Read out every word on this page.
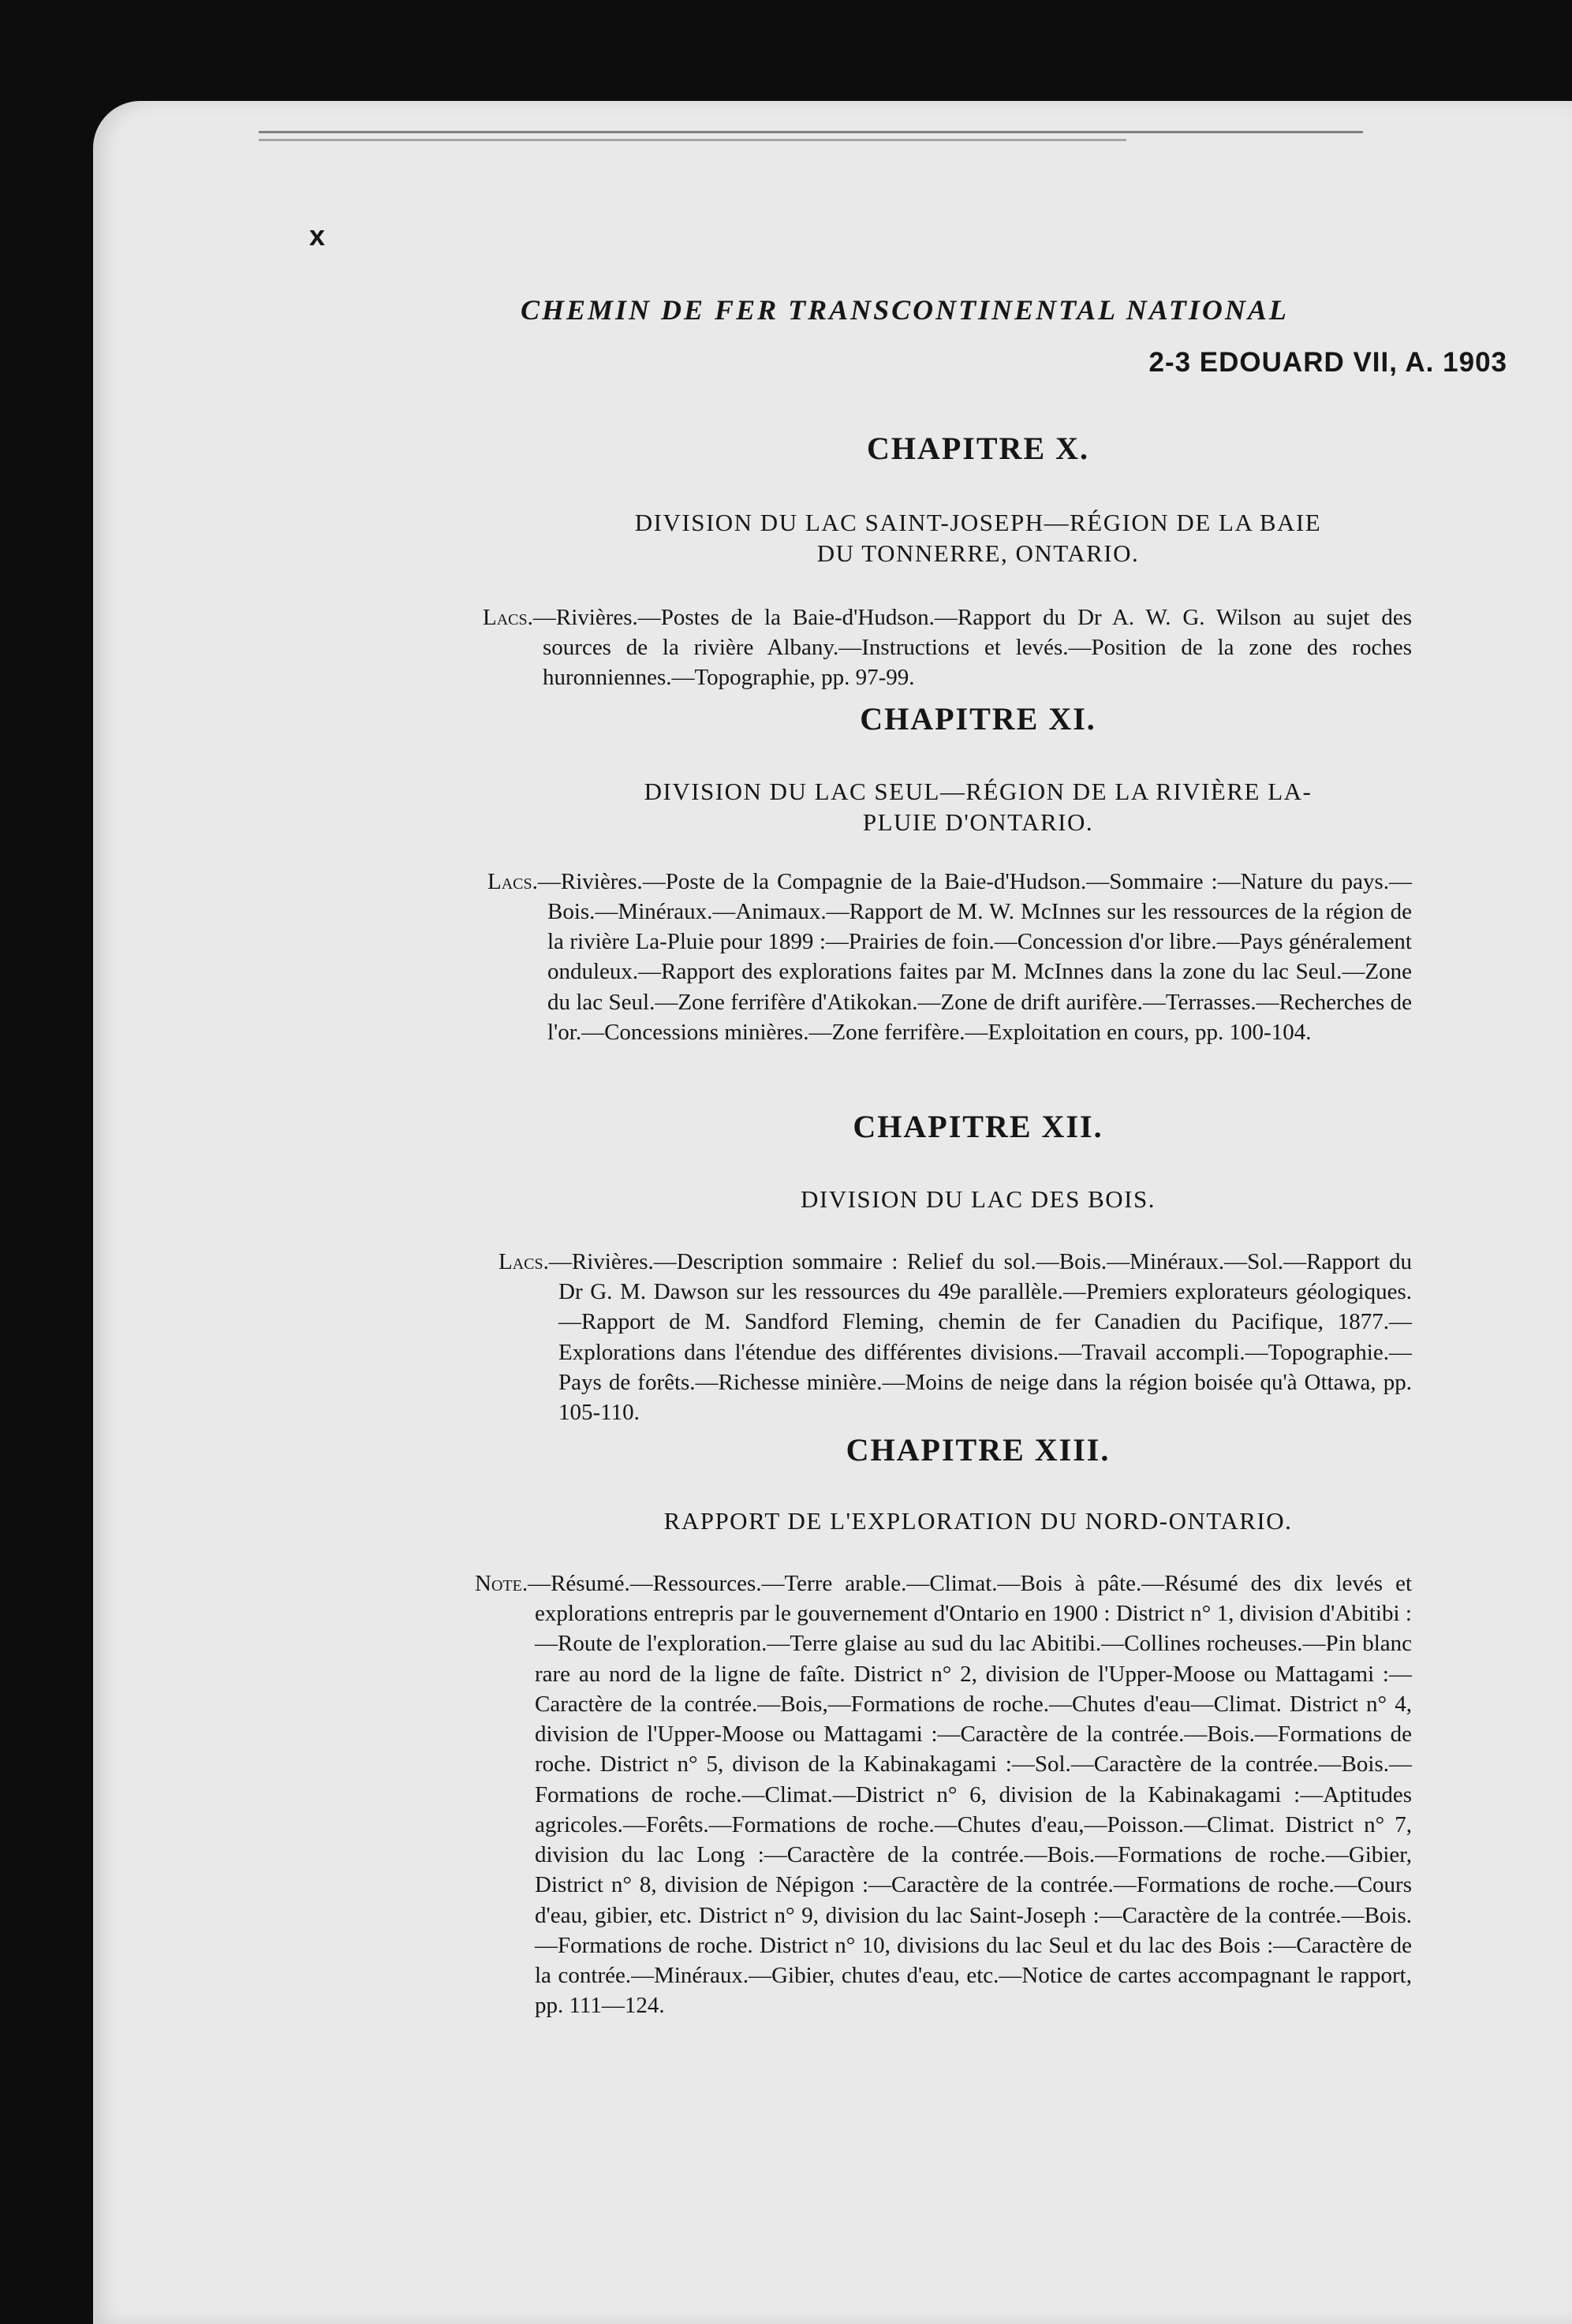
x
CHEMIN DE FER TRANSCONTINENTAL NATIONAL
2-3 EDOUARD VII, A. 1903
CHAPITRE X.
DIVISION DU LAC SAINT-JOSEPH—RÉGION DE LA BAIE DU TONNERRE, ONTARIO.

Lacs.—Rivières.—Postes de la Baie-d'Hudson.—Rapport du Dr A. W. G. Wilson au sujet des sources de la rivière Albany.—Instructions et levés.—Position de la zone des roches huronniennes.—Topographie, pp. 97-99.

CHAPITRE XI.
DIVISION DU LAC SEUL—RÉGION DE LA RIVIÈRE LA-PLUIE D'ONTARIO.

Lacs.—Rivières.—Poste de la Compagnie de la Baie-d'Hudson.—Sommaire :—Nature du pays.—Bois.—Minéraux.—Animaux.—Rapport de M. W. McInnes sur les ressources de la région de la rivière La-Pluie pour 1899 :—Prairies de foin.—Concession d'or libre.—Pays généralement onduleux.—Rapport des explorations faites par M. McInnes dans la zone du lac Seul.—Zone du lac Seul.—Zone ferrifère d'Atikokan.—Zone de drift aurifère.—Terrasses.—Recherches de l'or.—Concessions minières.—Zone ferrifère.—Exploitation en cours, pp. 100-104.

CHAPITRE XII.
DIVISION DU LAC DES BOIS.

Lacs.—Rivières.—Description sommaire : Relief du sol.—Bois.—Minéraux.—Sol.—Rapport du Dr G. M. Dawson sur les ressources du 49e parallèle.—Premiers explorateurs géologiques.—Rapport de M. Sandford Fleming, chemin de fer Canadien du Pacifique, 1877.—Explorations dans l'étendue des différentes divisions.—Travail accompli.—Topographie.—Pays de forêts.—Richesse minière.—Moins de neige dans la région boisée qu'à Ottawa, pp. 105-110.

CHAPITRE XIII.
RAPPORT DE L'EXPLORATION DU NORD-ONTARIO.

Note.—Résumé.—Ressources.—Terre arable.—Climat.—Bois à pâte.—Résumé des dix levés et explorations entrepris par le gouvernement d'Ontario en 1900 : District n° 1, division d'Abitibi :—Route de l'exploration.—Terre glaise au sud du lac Abitibi.—Collines rocheuses.—Pin blanc rare au nord de la ligne de faîte. District n° 2, division de l'Upper-Moose ou Mattagami :—Caractère de la contrée.—Bois,—Formations de roche.—Chutes d'eau—Climat. District n° 4, division de l'Upper-Moose ou Mattagami :—Caractère de la contrée.—Bois.—Formations de roche. District n° 5, divison de la Kabinakagami :—Sol.—Caractère de la contrée.—Bois.—Formations de roche.—Climat.—District n° 6, division de la Kabinakagami :—Aptitudes agricoles.—Forêts.—Formations de roche.—Chutes d'eau,—Poisson.—Climat. District n° 7, division du lac Long :—Caractère de la contrée.—Bois.—Formations de roche.—Gibier, District n° 8, division de Népigon :—Caractère de la contrée.—Formations de roche.—Cours d'eau, gibier, etc. District n° 9, division du lac Saint-Joseph :—Caractère de la contrée.—Bois.—Formations de roche. District n° 10, divisions du lac Seul et du lac des Bois :—Caractère de la contrée.—Minéraux.—Gibier, chutes d'eau, etc.—Notice de cartes accompagnant le rapport, pp. 111—124.
